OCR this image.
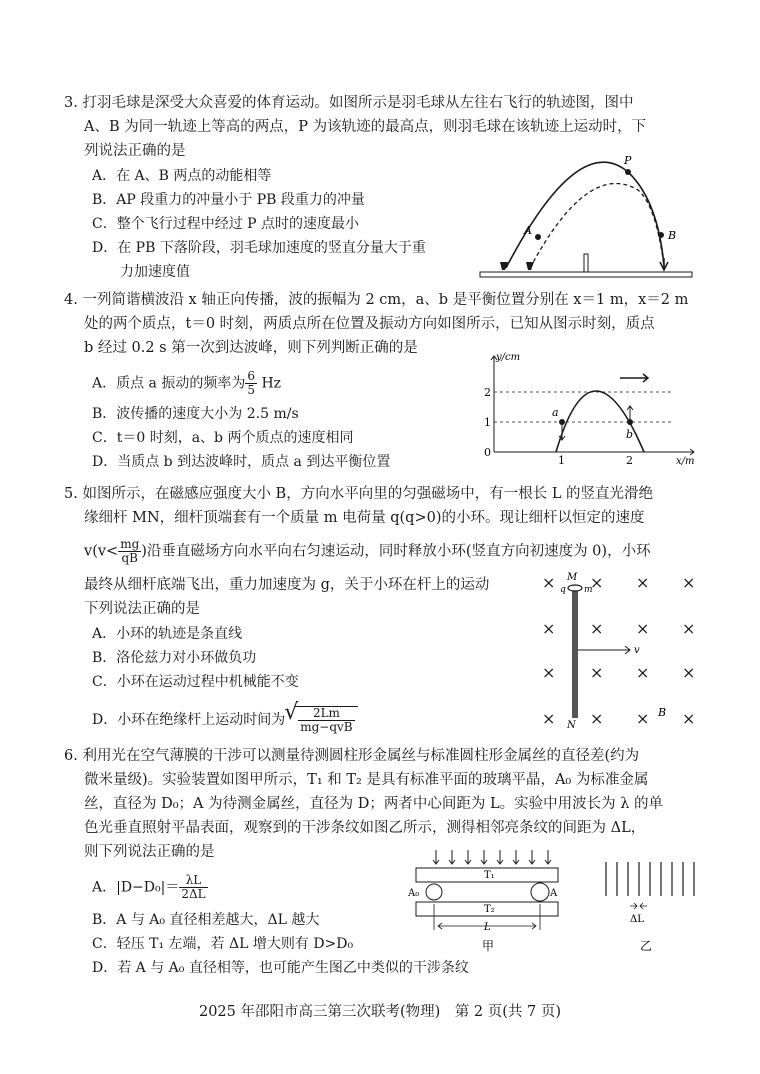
3. 打羽毛球是深受大众喜爱的体育运动。如图所示是羽毛球从左往右飞行的轨迹图，图中
A、B 为同一轨迹上等高的两点，P 为该轨迹的最高点，则羽毛球在该轨迹上运动时，下
列说法正确的是
A．在 A、B 两点的动能相等
B．AP 段重力的冲量小于 PB 段重力的冲量
C．整个飞行过程中经过 P 点时的速度最小
D．在 PB 下落阶段，羽毛球加速度的竖直分量大于重
力加速度值
P
A	B
4. 一列简谐横波沿 x 轴正向传播，波的振幅为 2 cm，a、b 是平衡位置分别在 x＝1 m，x＝2 m
处的两个质点，t＝0 时刻，两质点所在位置及振动方向如图所示，已知从图示时刻，质点
b 经过 0.2 s 第一次到达波峰，则下列判断正确的是
A．质点 a 振动的频率为 $\frac{6}{5}$ Hz
B．波传播的速度大小为 2.5 m/s
C．t＝0 时刻，a、b 两个质点的速度相同
D．当质点 b 到达波峰时，质点 a 到达平衡位置
y/cm
x/m
2
1
0
1	2
a
b
5. 如图所示，在磁感应强度大小 B，方向水平向里的匀强磁场中，有一根长 L 的竖直光滑绝
缘细杆 MN，细杆顶端套有一个质量 m 电荷量 q(q>0)的小环。现让细杆以恒定的速度
$v(v< \frac{mg}{qB}$ )沿垂直磁场方向水平向右匀速运动，同时释放小环(竖直方向初速度为 0)，小环
最终从细杆底端飞出，重力加速度为 g，关于小环在杆上的运动
下列说法正确的是
A．小环的轨迹是条直线
B．洛伦兹力对小环做负功
C．小环在运动过程中机械能不变
D．小环在绝缘杆上运动时间为
√ $\frac{2Lm}{\text{mg−qvB}}$
× × × ×
× × × ×
× × × ×
× × × ×
M
q m
v
N
B
6. 利用光在空气薄膜的干涉可以测量待测圆柱形金属丝与标准圆柱形金属丝的直径差(约为
微米量级)。实验装置如图甲所示，T₁ 和 T₂ 是具有标准平面的玻璃平晶，A₀ 为标准金属
丝，直径为 D₀；A 为待测金属丝，直径为 D；两者中心间距为 L。实验中用波长为 λ 的单
色光垂直照射平晶表面，观察到的干涉条纹如图乙所示，测得相邻亮条纹的间距为 ΔL，
则下列说法正确的是
A．$|D-D_0|= \frac{\lambda L}{2\Delta L}$
B．A 与 A₀ 直径相差越大，ΔL 越大
C．轻压 T₁ 左端，若 ΔL 增大则有 D>D₀
D．若 A 与 A₀ 直径相等，也可能产生图乙中类似的干涉条纹
T₁
T₂
A₀	A
L
甲
ΔL
乙
2025 年邵阳市高三第三次联考(物理)　第 2 页(共 7 页)
